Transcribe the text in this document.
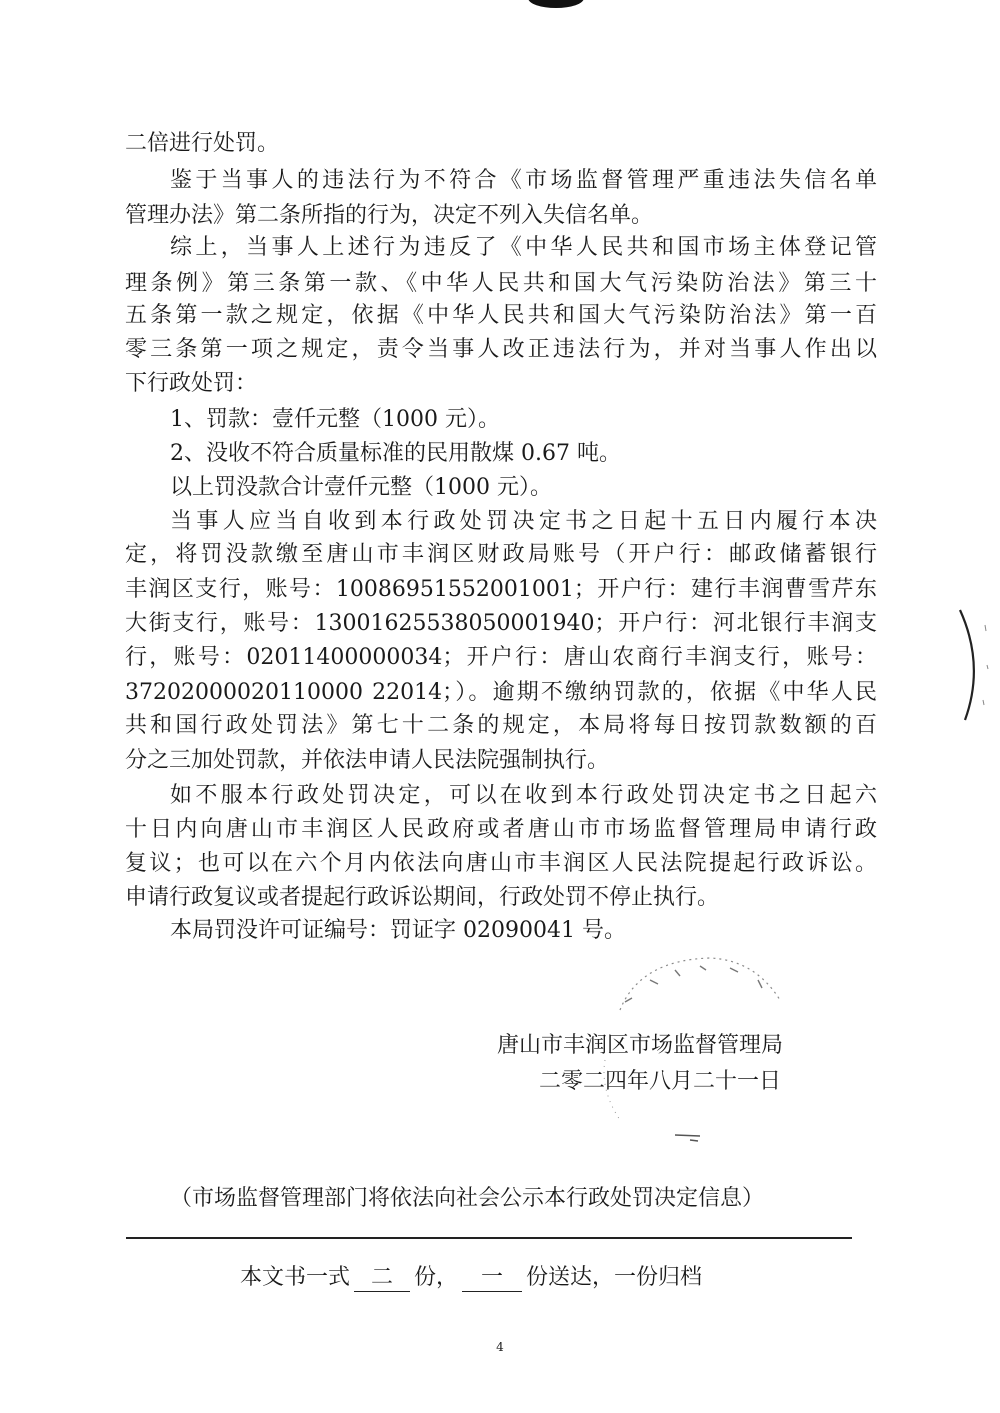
二倍进行处罚。
鉴于当事人的违法行为不符合《市场监督管理严重违法失信名单
管理办法》第二条所指的行为，决定不列入失信名单。
综上，当事人上述行为违反了《中华人民共和国市场主体登记管
理条例》第三条第一款、《中华人民共和国大气污染防治法》第三十
五条第一款之规定，依据《中华人民共和国大气污染防治法》第一百
零三条第一项之规定，责令当事人改正违法行为，并对当事人作出以
下行政处罚：
1、罚款：壹仟元整（1000 元）。
2、没收不符合质量标准的民用散煤 0.67 吨。
以上罚没款合计壹仟元整（1000 元）。
当事人应当自收到本行政处罚决定书之日起十五日内履行本决
定，将罚没款缴至唐山市丰润区财政局账号（开户行：邮政储蓄银行
丰润区支行，账号：10086951552001001；开户行：建行丰润曹雪芹东
大街支行，账号：13001625538050001940；开户行：河北银行丰润支
行，账号：02011400000034；开户行：唐山农商行丰润支行，账号：
37202000020110000 22014；）。逾期不缴纳罚款的，依据《中华人民
共和国行政处罚法》第七十二条的规定，本局将每日按罚款数额的百
分之三加处罚款，并依法申请人民法院强制执行。
如不服本行政处罚决定，可以在收到本行政处罚决定书之日起六
十日内向唐山市丰润区人民政府或者唐山市市场监督管理局申请行政
复议；也可以在六个月内依法向唐山市丰润区人民法院提起行政诉讼。
申请行政复议或者提起行政诉讼期间，行政处罚不停止执行。
本局罚没许可证编号：罚证字 02090041 号。
唐山市丰润区市场监督管理局
二零二四年八月二十一日
（市场监督管理部门将依法向社会公示本行政处罚决定信息）
本文书一式 二 份， 一 份送达，一份归档
4
